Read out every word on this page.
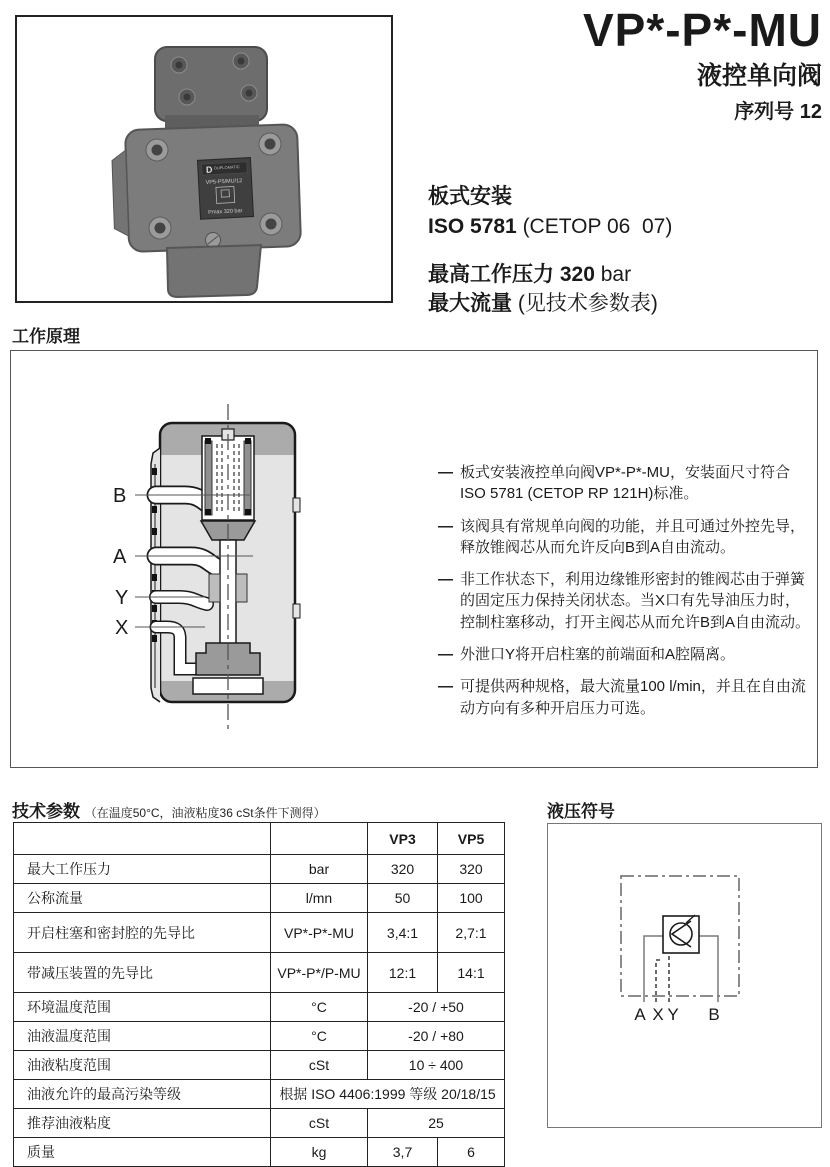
D DUPLOMATIC
VP5-P5/MU/12
Pmax 320 bar
VP*-P*-MU
液控单向阀
序列号 12
板式安装
ISO 5781 (CETOP 06  07)
最高工作压力 320 bar
最大流量 (见技术参数表)
工作原理
B
A
Y
X
— 板式安装液控单向阀VP*-P*-MU，安装面尺寸符合ISO 5781 (CETOP RP 121H)标准。
— 该阀具有常规单向阀的功能，并且可通过外控先导，释放锥阀芯从而允许反向B到A自由流动。
— 非工作状态下，利用边缘锥形密封的锥阀芯由于弹簧的固定压力保持关闭状态。当X口有先导油压力时，控制柱塞移动，打开主阀芯从而允许B到A自由流动。
— 外泄口Y将开启柱塞的前端面和A腔隔离。
— 可提供两种规格，最大流量100 l/min，并且在自由流动方向有多种开启压力可选。
技术参数 （在温度50°C，油液粘度36 cSt条件下测得）
		VP3	VP5
最大工作压力	bar	320	320
公称流量	l/mn	50	100
开启柱塞和密封腔的先导比	VP*-P*-MU	3,4:1	2,7:1
带减压装置的先导比	VP*-P*/P-MU	12:1	14:1
环境温度范围	°C	-20 / +50	
油液温度范围	°C	-20 / +80	
油液粘度范围	cSt	10 ÷ 400	
油液允许的最高污染等级	根据 ISO 4406:1999 等级 20/18/15		
推荐油液粘度	cSt	25	
质量	kg	3,7	6
液压符号
A X Y B
